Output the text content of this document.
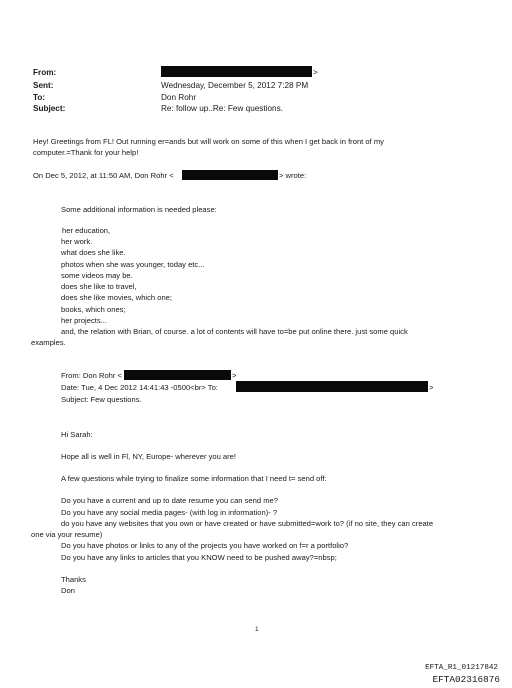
From:	>
Sent:	Wednesday, December 5, 2012 7:28 PM
To:	Don Rohr
Subject:	Re: follow up..Re: Few questions.
Hey! Greetings from FL! Out running er=ands but will work on some of this when I get back in front of my
computer.=Thank for your help!
On Dec 5, 2012, at 11:50 AM, Don Rohr <	> wrote:
Some additional information is needed please:
her education,
her work.
what does she like.
photos when she was younger, today etc...
some videos may be.
does she like to travel,
does she like movies, which one;
books, which ones;
her projects...
and, the relation with Brian, of course. a lot of contents will have to=be put online there. just some quick
examples.
From: Don Rohr <	>
Date: Tue, 4 Dec 2012 14:41:43 -0500<br> To:	>
Subject: Few questions.
Hi Sarah:
Hope all is well in Fl, NY, Europe- wherever you are!
A few questions while trying to finalize some information that I need t= send off:
Do you have a current and up to date resume you can send me?
Do you have any social media pages- (with log in information)- ?
do you have any websites that you own or have created or have submitted=work to? (if no site, they can create
one via your resume)
Do you have photos or links to any of the projects you have worked on f=r a portfolio?
Do you have any links to articles that you KNOW need to be pushed away?=nbsp;
Thanks
Don
1
EFTA_R1_01217842
EFTA02316876
